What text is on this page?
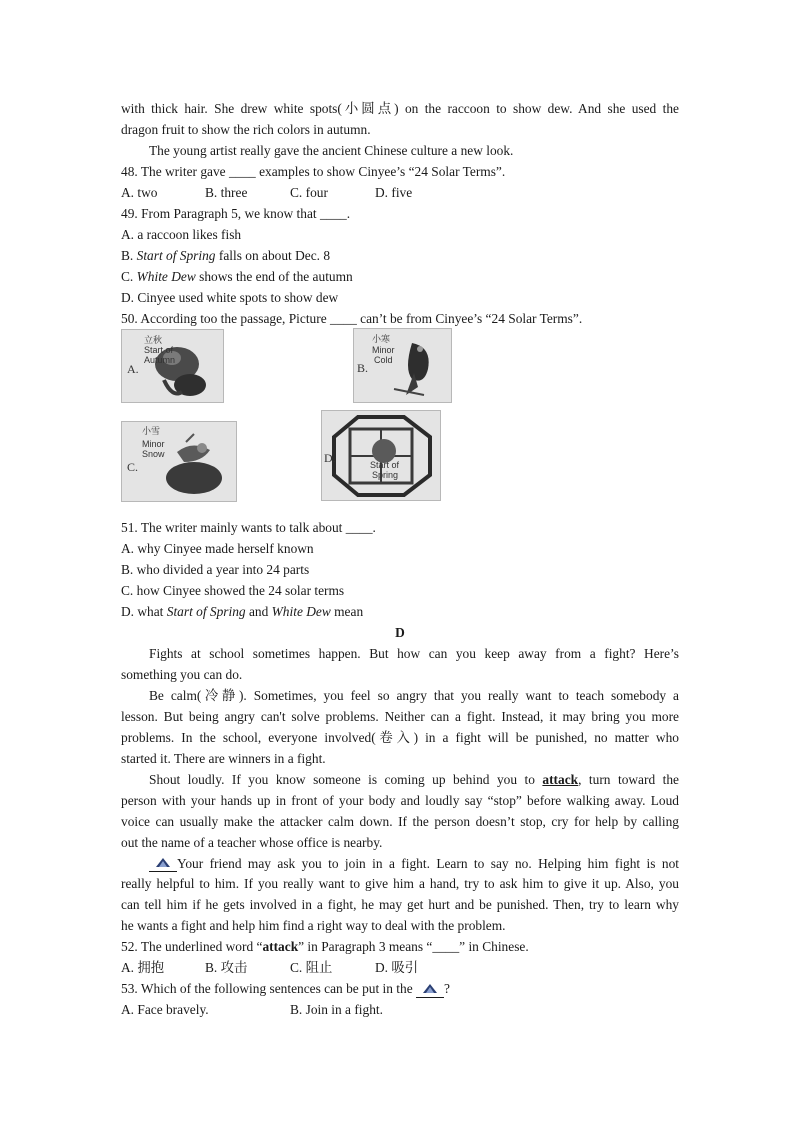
with thick hair. She drew white spots(小圆点) on the raccoon to show dew. And she used the
dragon fruit to show the rich colors in autumn.
The young artist really gave the ancient Chinese culture a new look.
48. The writer gave ____ examples to show Cinyee’s “24 Solar Terms”.
A. two	B. three	C. four	D. five
49. From Paragraph 5, we know that ____.
A. a raccoon likes fish
B. Start of Spring falls on about Dec. 8
C. White Dew shows the end of the autumn
D. Cinyee used white spots to show dew
50. According too the passage, Picture ____ can’t be from Cinyee’s “24 Solar Terms”.
立秋
Start of
Autumn
A.
小寒
Minor
Cold
B.
小雪
Minor
Snow
C.	Start of
Spring
D.
51. The writer mainly wants to talk about ____.
A. why Cinyee made herself known
B. who divided a year into 24 parts
C. how Cinyee showed the 24 solar terms
D. what Start of Spring and White Dew mean
D
Fights at school sometimes happen. But how can you keep away from a fight? Here’s
something you can do.
Be calm(冷静). Sometimes, you feel so angry that you really want to teach somebody a
lesson. But being angry can't solve problems. Neither can a fight. Instead, it may bring you more
problems. In the school, everyone involved(卷入) in a fight will be punished, no matter who
started it. There are winners in a fight.
Shout loudly. If you know someone is coming up behind you to attack, turn toward the
person with your hands up in front of your body and loudly say “stop” before walking away. Loud
voice can usually make the attacker calm down. If the person doesn’t stop, cry for help by calling
out the name of a teacher whose office is nearby.
Your friend may ask you to join in a fight. Learn to say no. Helping him fight is not
really helpful to him. If you really want to give him a hand, try to ask him to give it up. Also, you
can tell him if he gets involved in a fight, he may get hurt and be punished. Then, try to learn why
he wants a fight and help him find a right way to deal with the problem.
52. The underlined word “attack” in Paragraph 3 means “____” in Chinese.
A. 拥抱	B. 攻击	C. 阻止	D. 吸引
53. Which of the following sentences can be put in the ?
A. Face bravely.	B. Join in a fight.
